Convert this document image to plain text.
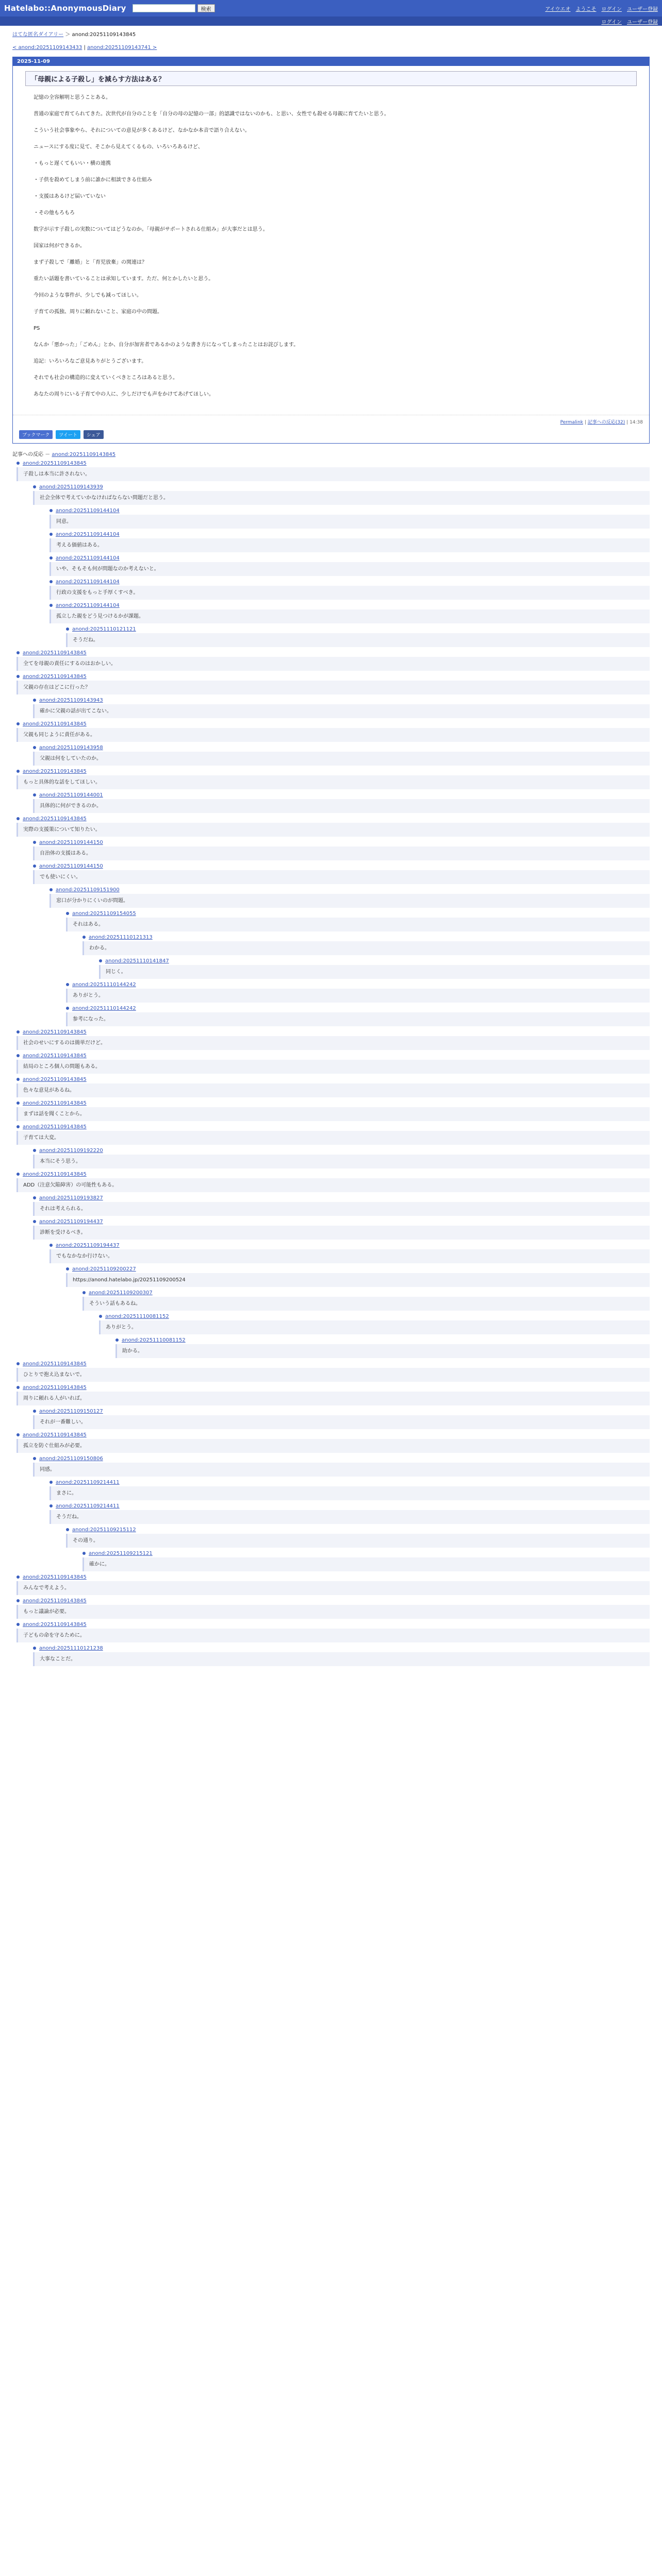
Hatelabo::AnonymousDiary	検索	アイウエオ ようこそ ログイン ユーザー登録
ログイン ユーザー登録
はてな匿名ダイアリー ＞ anond:20251109143845
< anond:20251109143433 | anond:20251109143741 >
2025-11-09
「母親による子殺し」を減らす方法はある？

記憶の全容解明と思うことある。

普通の家庭で育てられてきた。次世代が自分のことを「自分の母の記憶の一部」的認識ではないのかも、と思い、女性でも殺せる母親に育てたいと思う。

こういう社会事象やら、それについての意見が多くあるけど、なかなか本音で語り合えない。

ニュースにする度に見て、そこから見えてくるもの、いろいろあるけど、

・もっと遅くてもいい・横の連携

・子供を殺めてしまう前に誰かに相談できる仕組み

・支援はあるけど届いていない

・その他もろもろ

数字が示す子殺しの実数についてはどうなのか。「母親がサポートされる仕組み」が大事だとは思う。

国家は何ができるか。

まず子殺しで「離婚」と「育児放棄」の関連は？

重たい話題を書いていることは承知しています。ただ、何とかしたいと思う。

今回のような事件が、少しでも減ってほしい。

子育ての孤独、周りに頼れないこと、家庭の中の問題。

PS

なんか「悪かった」「ごめん」とか、自分が加害者であるかのような書き方になってしまったことはお詫びします。

追記：いろいろなご意見ありがとうございます。

それでも社会の構造的に変えていくべきところはあると思う。

あなたの周りにいる子育て中の人に、少しだけでも声をかけてあげてほしい。

Permalink | 記事への反応(32) | 14:38
ブックマーク	ツイート	シェア
記事への反応 － anond:20251109143845
anond:20251109143845
子殺しは本当に許されない。
anond:20251109143939
社会全体で考えていかなければならない問題だと思う。
anond:20251109144104
同意。
anond:20251109144104
考える価値はある。
anond:20251109144104
いや、そもそも何が問題なのか考えないと。
anond:20251109144104
行政の支援をもっと手厚くすべき。
anond:20251109144104
孤立した親をどう見つけるかが課題。
anond:20251110121121
そうだね。
anond:20251109143845
全てを母親の責任にするのはおかしい。
anond:20251109143845
父親の存在はどこに行った？
anond:20251109143943
確かに父親の話が出てこない。
anond:20251109143845
父親も同じように責任がある。
anond:20251109143958
父親は何をしていたのか。
anond:20251109143845
もっと具体的な話をしてほしい。
anond:20251109144001
具体的に何ができるのか。
anond:20251109143845
実際の支援策について知りたい。
anond:20251109144150
自治体の支援はある。
anond:20251109144150
でも使いにくい。
anond:20251109151900
窓口が分かりにくいのが問題。
anond:20251109154055
それはある。
anond:20251110121313
わかる。
anond:20251110141847
同じく。
anond:20251110144242
ありがとう。
anond:20251110144242
参考になった。
anond:20251109143845
社会のせいにするのは簡単だけど。
anond:20251109143845
結局のところ個人の問題もある。
anond:20251109143845
色々な意見があるね。
anond:20251109143845
まずは話を聞くことから。
anond:20251109143845
子育ては大変。
anond:20251109192220
本当にそう思う。
anond:20251109143845
ADD（注意欠陥障害）の可能性もある。
anond:20251109193827
それは考えられる。
anond:20251109194437
診断を受けるべき。
anond:20251109194437
でもなかなか行けない。
anond:20251109200227
https://anond.hatelabo.jp/20251109200524
anond:20251109200307
そういう話もあるね。
anond:20251110081152
ありがとう。
anond:20251110081152
助かる。
anond:20251109143845
ひとりで抱え込まないで。
anond:20251109143845
周りに頼れる人がいれば。
anond:20251109150127
それが一番難しい。
anond:20251109143845
孤立を防ぐ仕組みが必要。
anond:20251109150806
同感。
anond:20251109214411
まさに。
anond:20251109214411
そうだね。
anond:20251109215112
その通り。
anond:20251109215121
確かに。
anond:20251109143845
みんなで考えよう。
anond:20251109143845
もっと議論が必要。
anond:20251109143845
子どもの命を守るために。
anond:20251110121238
大事なことだ。
